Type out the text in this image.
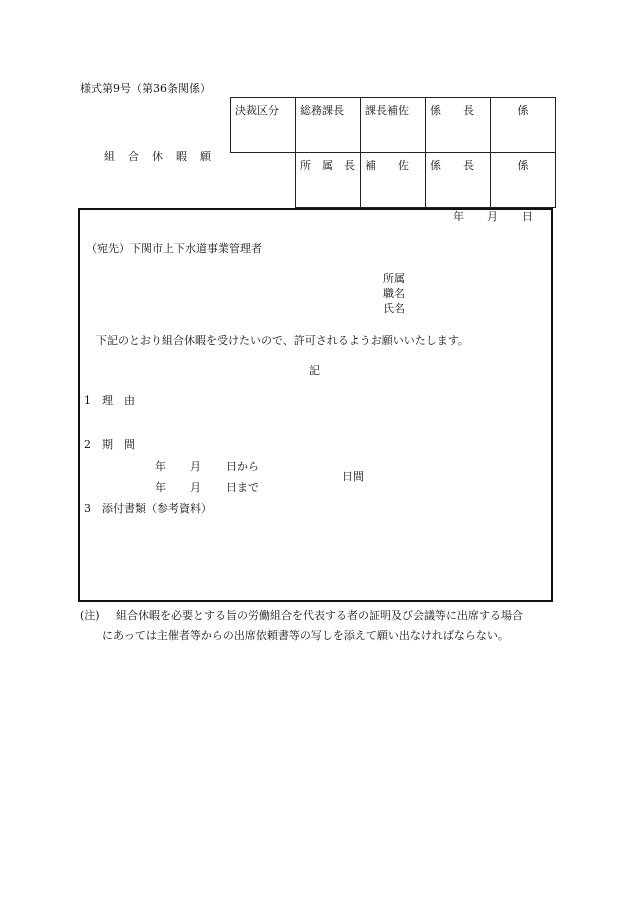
様式第9号（第36条関係）
組　合　休　暇　願
決裁区分	総務課長	課長補佐	係　　長	係

	所　属　長	補　　佐	係　　長	係
年 月 日
（宛先）下関市上下水道事業管理者
所属
職名
氏名
下記のとおり組合休暇を受けたいので、許可されるようお願いいたします。
記
1 理　由
2 期　間
年 月 日から
日間
年 月 日まで
3 添付書類（参考資料）
(注) 組合休暇を必要とする旨の労働組合を代表する者の証明及び会議等に出席する場合
にあっては主催者等からの出席依頼書等の写しを添えて願い出なければならない。
